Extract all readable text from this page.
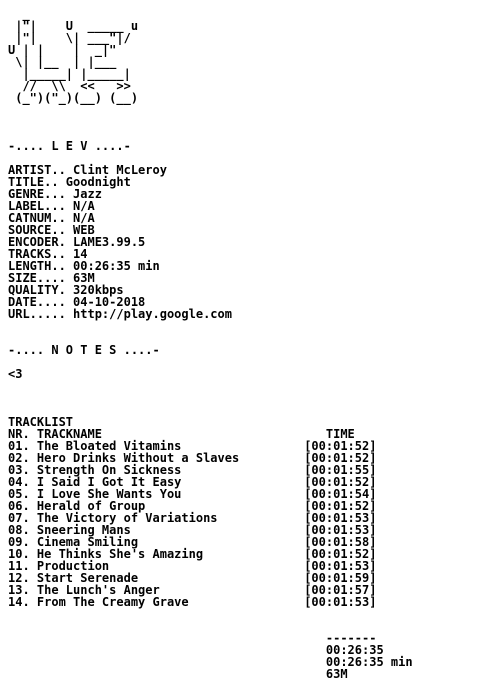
_
|"|    U  _____ u
|"|    \| ___"|/
U | |    |  _|"
\| |__  | |___
|_____| |_____|
//  \\  <<   >>
(_")("_)(__) (__)
-.... L E V ....-
ARTIST.. Clint McLeroy
TITLE.. Goodnight
GENRE... Jazz
LABEL... N/A
CATNUM.. N/A
SOURCE.. WEB
ENCODER. LAME3.99.5
TRACKS.. 14
LENGTH.. 00:26:35 min
SIZE.... 63M
QUALITY. 320kbps
DATE.... 04-10-2018
URL..... http://play.google.com
-.... N O T E S ....-
<3
TRACKLIST
NR. TRACKNAME                               TIME
01. The Bloated Vitamins                 [00:01:52]
02. Hero Drinks Without a Slaves         [00:01:52]
03. Strength On Sickness                 [00:01:55]
04. I Said I Got It Easy                 [00:01:52]
05. I Love She Wants You                 [00:01:54]
06. Herald of Group                      [00:01:52]
07. The Victory of Variations            [00:01:53]
08. Sneering Mans                        [00:01:53]
09. Cinema Smiling                       [00:01:58]
10. He Thinks She's Amazing              [00:01:52]
11. Production                           [00:01:53]
12. Start Serenade                       [00:01:59]
13. The Lunch's Anger                    [00:01:57]
14. From The Creamy Grave                [00:01:53]
-------
00:26:35
00:26:35 min
63M
